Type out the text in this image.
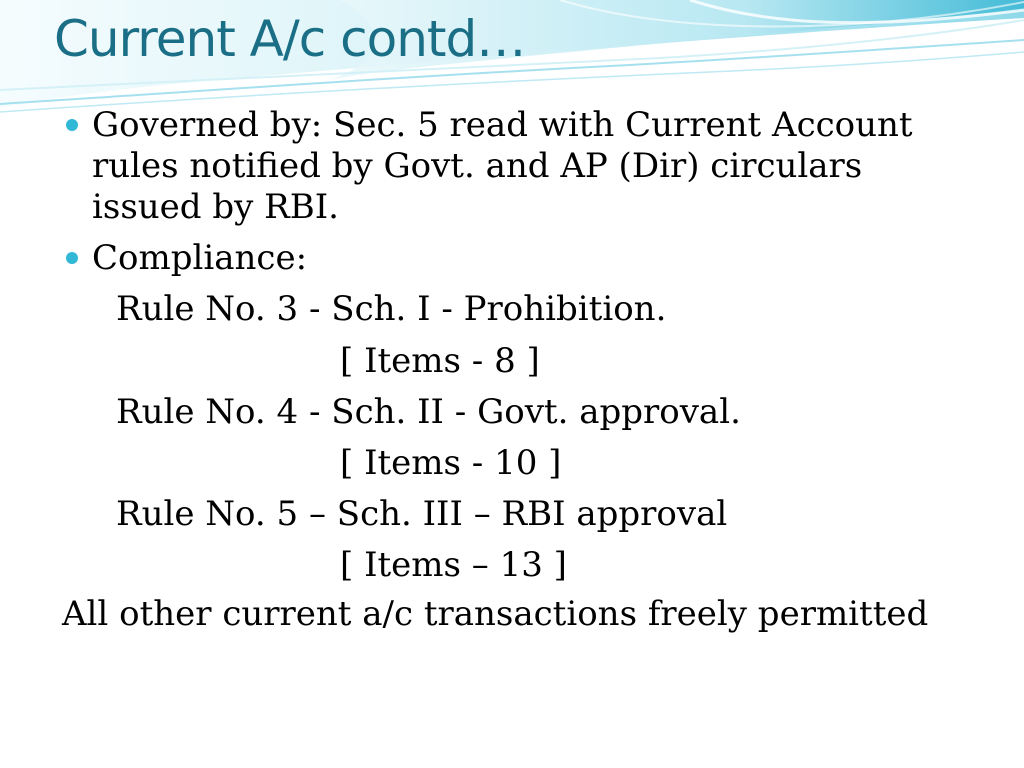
Current A/c contd…

Governed by: Sec. 5 read with Current Account rules notified by Govt. and AP (Dir) circulars issued by RBI.

Compliance:

Rule No. 3 - Sch. I - Prohibition.

[ Items - 8 ]

Rule No. 4 - Sch. II - Govt. approval.

[ Items - 10 ]

Rule No. 5 – Sch. III – RBI approval

[ Items – 13 ]

All other current a/c transactions freely permitted
